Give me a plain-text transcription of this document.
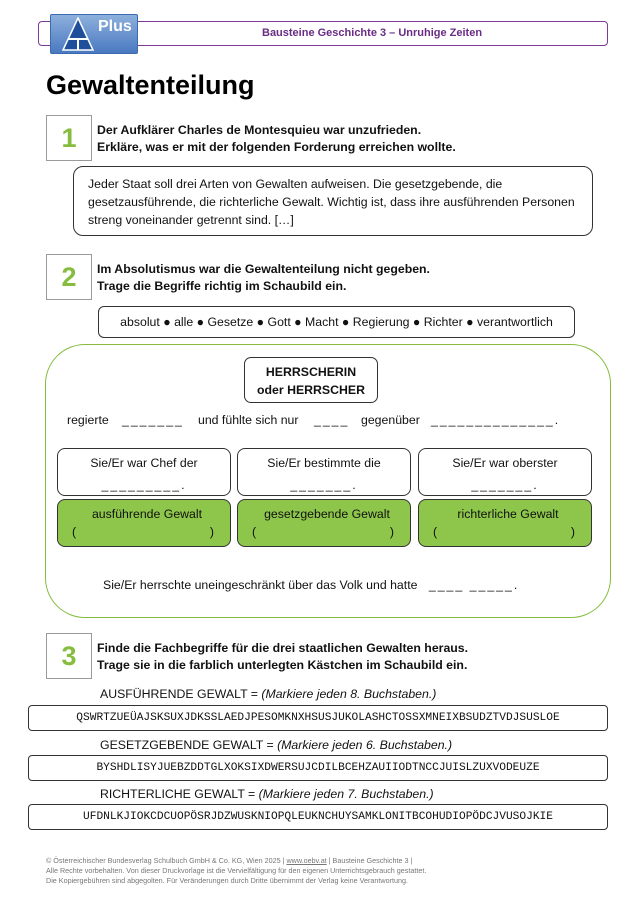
Plus	Bausteine Geschichte 3 – Unruhige Zeiten
Gewaltenteilung
1	Der Aufklärer Charles de Montesquieu war unzufrieden.
Erkläre, was er mit der folgenden Forderung erreichen wollte.
Jeder Staat soll drei Arten von Gewalten aufweisen. Die gesetzgebende, die gesetzausführende, die richterliche Gewalt. Wichtig ist, dass ihre ausführenden Personen streng voneinander getrennt sind. […]
2	Im Absolutismus war die Gewaltenteilung nicht gegeben.
Trage die Begriffe richtig im Schaubild ein.
absolut ● alle ● Gesetze ● Gott ● Macht ● Regierung ● Richter ● verantwortlich
HERRSCHERIN
oder HERRSCHER
regierte _______ und fühlte sich nur ____ gegenüber ______________.
Sie/Er war Chef der
_________.
Sie/Er bestimmte die
_______.
Sie/Er war oberster
_______.
ausführende Gewalt
(	)
gesetzgebende Gewalt
(	)
richterliche Gewalt
(	)
Sie/Er herrschte uneingeschränkt über das Volk und hatte ____ _____.
3	Finde die Fachbegriffe für die drei staatlichen Gewalten heraus.
Trage sie in die farblich unterlegten Kästchen im Schaubild ein.
AUSFÜHRENDE GEWALT = (Markiere jeden 8. Buchstaben.)
QSWRTZUEÜAJSKSUXJDKSSLAEDJPESOMKNXHSUSJUKOLASHCTOSSXMNEIXBSUDZTVDJSUSLOE
GESETZGEBENDE GEWALT = (Markiere jeden 6. Buchstaben.)
BYSHDLISYJUEBZDDTGLXOKSIXDWERSUJCDILBCEHZAUIIODTNCCJUISLZUXVODEUZE
RICHTERLICHE GEWALT = (Markiere jeden 7. Buchstaben.)
UFDNLKJIOKCDCUOPÖSRJDZWUSKNIOPQLEUKNCHUYSAMKLONITBCOHUDIOPÖDCJVUSOJKIE
© Österreichischer Bundesverlag Schulbuch GmbH & Co. KG, Wien 2025 | www.oebv.at | Bausteine Geschichte 3 |
Alle Rechte vorbehalten. Von dieser Druckvorlage ist die Vervielfältigung für den eigenen Unterrichtsgebrauch gestattet.
Die Kopiergebühren sind abgegolten. Für Veränderungen durch Dritte übernimmt der Verlag keine Verantwortung.
